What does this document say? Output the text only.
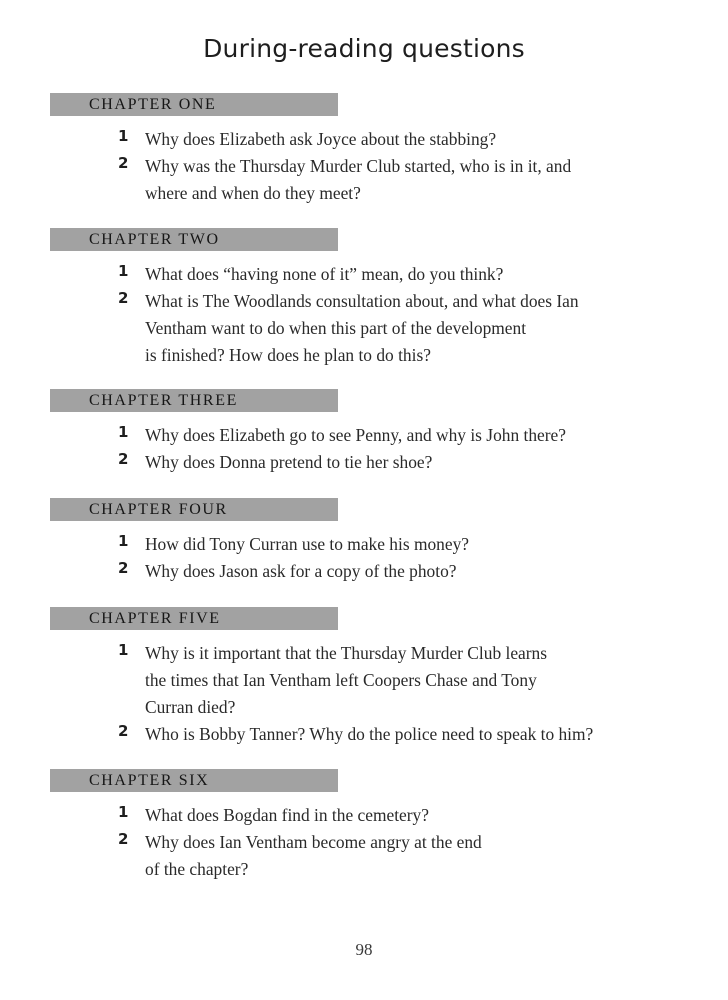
During-reading questions
CHAPTER ONE
1 Why does Elizabeth ask Joyce about the stabbing?
2 Why was the Thursday Murder Club started, who is in it, and
where and when do they meet?
CHAPTER TWO
1 What does “having none of it” mean, do you think?
2 What is The Woodlands consultation about, and what does Ian
Ventham want to do when this part of the development
is finished? How does he plan to do this?
CHAPTER THREE
1 Why does Elizabeth go to see Penny, and why is John there?
2 Why does Donna pretend to tie her shoe?
CHAPTER FOUR
1 How did Tony Curran use to make his money?
2 Why does Jason ask for a copy of the photo?
CHAPTER FIVE
1 Why is it important that the Thursday Murder Club learns
the times that Ian Ventham left Coopers Chase and Tony
Curran died?
2 Who is Bobby Tanner? Why do the police need to speak to him?
CHAPTER SIX
1 What does Bogdan find in the cemetery?
2 Why does Ian Ventham become angry at the end
of the chapter?
98
